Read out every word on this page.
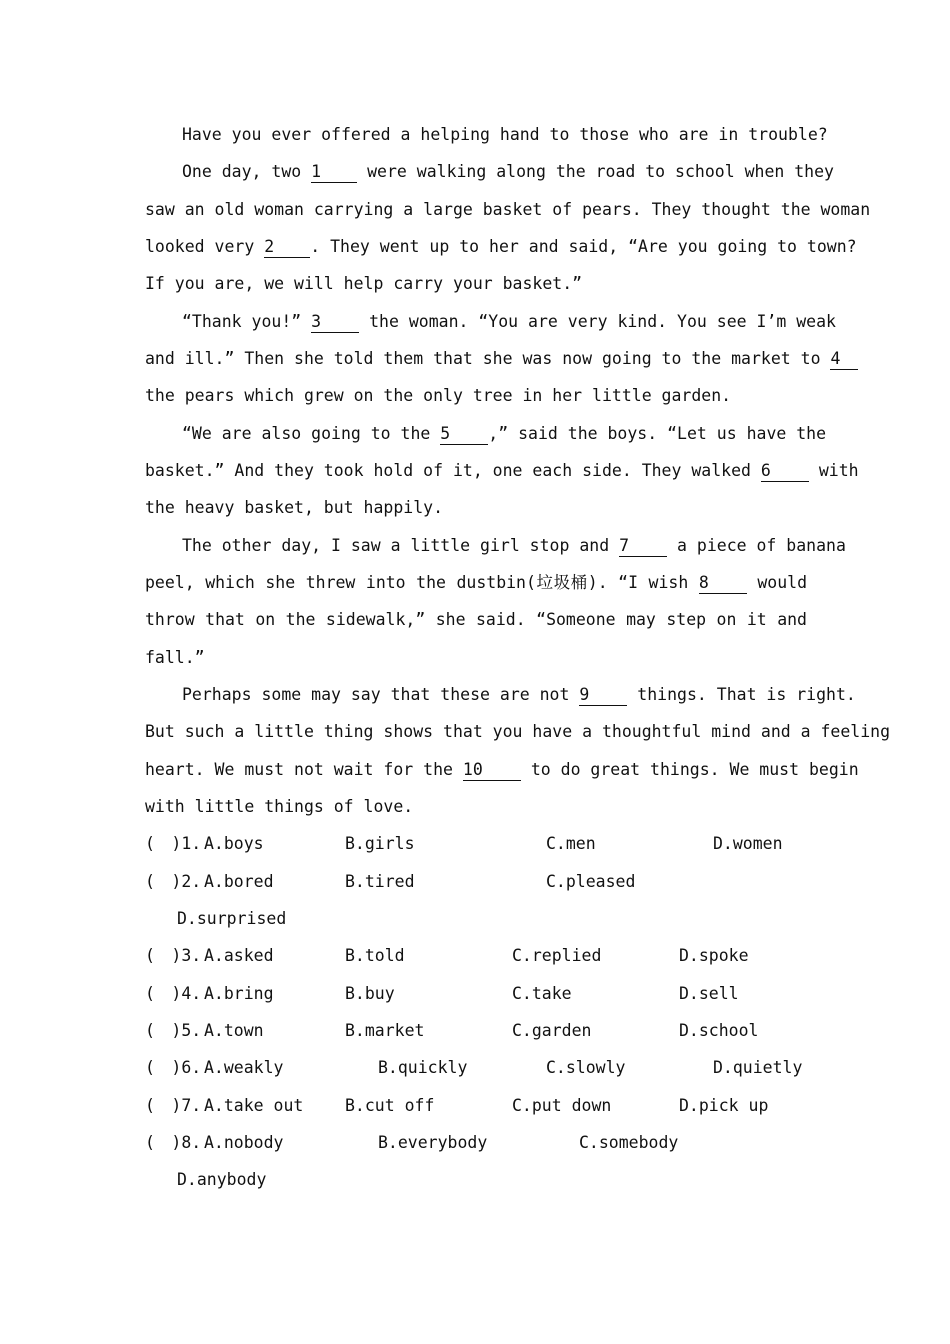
Have you ever offered a helping hand to those who are in trouble?
One day, two 1	were walking along the road to school when they
saw an old woman carrying a large basket of pears. They thought the woman
looked very 2 . They went up to her and said, “Are you going to town?
If you are, we will help carry your basket.”
“Thank you!” 3	the woman. “You are very kind. You see I’m weak
and ill.” Then she told them that she was now going to the market to 4
the pears which grew on the only tree in her little garden.
“We are also going to the 5 ,” said the boys. “Let us have the
basket.” And they took hold of it, one each side. They walked 6	with
the heavy basket, but happily.
The other day, I saw a little girl stop and 7	a piece of banana
peel, which she threw into the dustbin(垃圾桶). “I wish 8	would
throw that on the sidewalk,” she said. “Someone may step on it and
fall.”
Perhaps some may say that these are not 9	things. That is right.
But such a little thing shows that you have a thoughtful mind and a feeling
heart. We must not wait for the 10	to do great things. We must begin
with little things of love.
(　)1. A.boys	B.girls	C.men	D.women
(　)2. A.bored	B.tired	C.pleased
D.surprised
(　)3. A.asked	B.told	C.replied	D.spoke
(　)4. A.bring	B.buy	C.take	D.sell
(　)5. A.town	B.market	C.garden	D.school
(　)6. A.weakly	B.quickly	C.slowly	D.quietly
(　)7. A.take out	B.cut off	C.put down	D.pick up
(　)8. A.nobody	B.everybody	C.somebody
D.anybody
